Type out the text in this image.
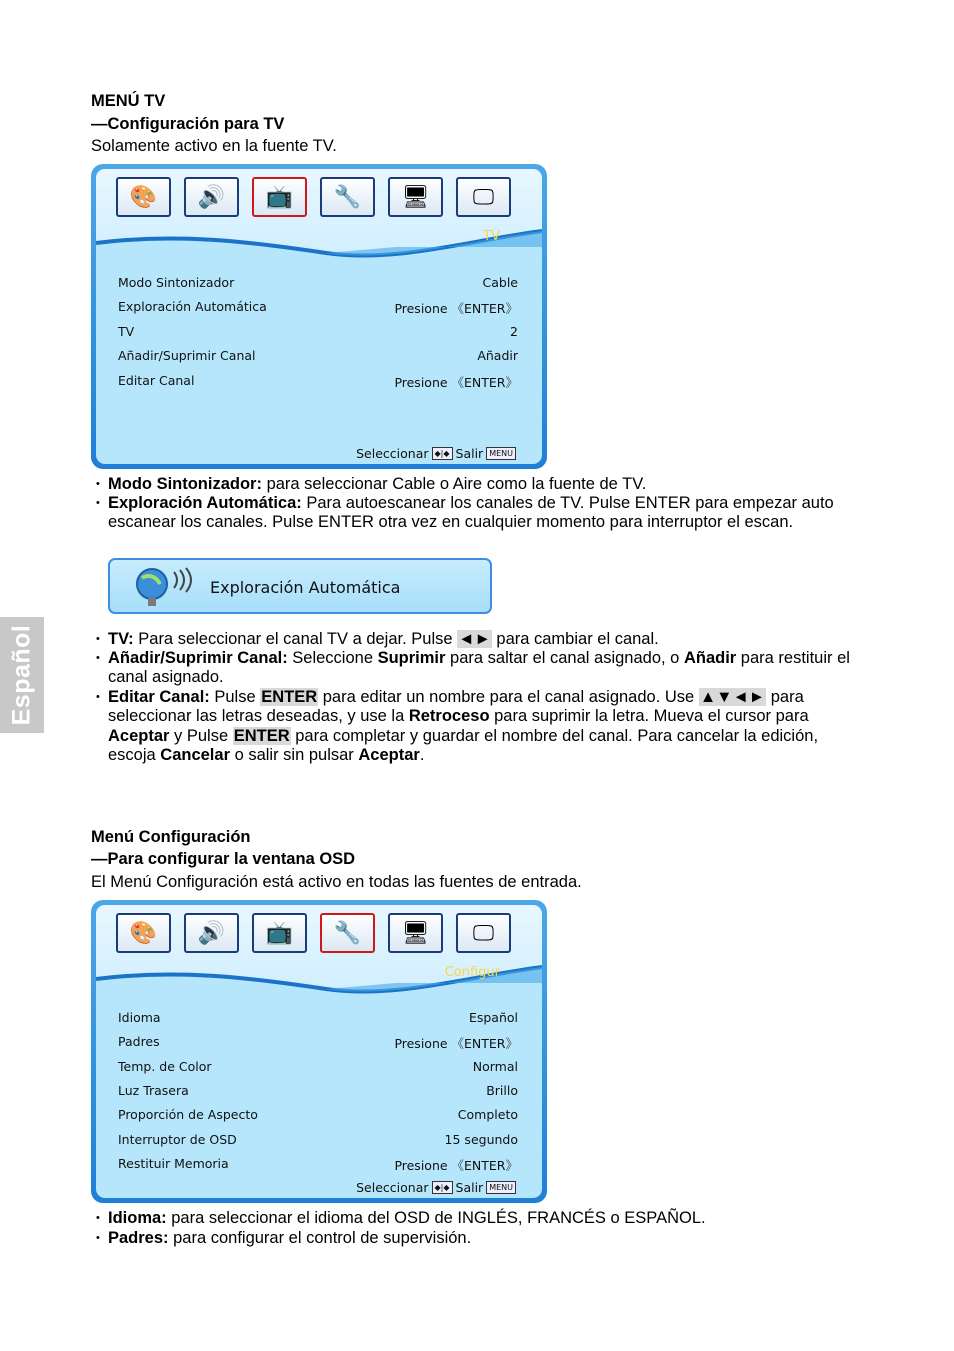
Español
MENÚ TV
—Configuración para TV
Solamente activo en la fuente TV.
🎨	🔊	📺	🔧	🖥	🖵
TV
Modo Sintonizador	Cable
Exploración Automática	Presione 《ENTER》
TV	2
Añadir/Suprimir Canal	Añadir
Editar Canal	Presione 《ENTER》
Seleccionar ◆|◆ Salir MENU
• Modo Sintonizador: para seleccionar Cable o Aire como la fuente de TV.
• Exploración Automática: Para autoescanear los canales de TV. Pulse ENTER para empezar auto escanear los canales. Pulse ENTER otra vez en cualquier momento para interruptor el escan.
Exploración Automática
• TV: Para seleccionar el canal TV a dejar. Pulse ◄► para cambiar el canal.
• Añadir/Suprimir Canal: Seleccione Suprimir para saltar el canal asignado, o Añadir para restituir el canal asignado.
• Editar Canal: Pulse ENTER para editar un nombre para el canal asignado. Use ▲▼◄► para seleccionar las letras deseadas, y use la Retroceso para suprimir la letra. Mueva el cursor para Aceptar y Pulse ENTER para completar y guardar el nombre del canal. Para cancelar la edición, escoja Cancelar o salir sin pulsar Aceptar.
Menú Configuración
—Para configurar la ventana OSD
El Menú Configuración está activo en todas las fuentes de entrada.
🎨	🔊	📺	🔧	🖥	🖵
Configur
Idioma	Español
Padres	Presione 《ENTER》
Temp. de Color	Normal
Luz Trasera	Brillo
Proporción de Aspecto	Completo
Interruptor de OSD	15 segundo
Restituir Memoria	Presione 《ENTER》
Seleccionar ◆|◆ Salir MENU
• Idioma: para seleccionar el idioma del OSD de INGLÉS, FRANCÉS o ESPAÑOL.
• Padres: para configurar el control de supervisión.
